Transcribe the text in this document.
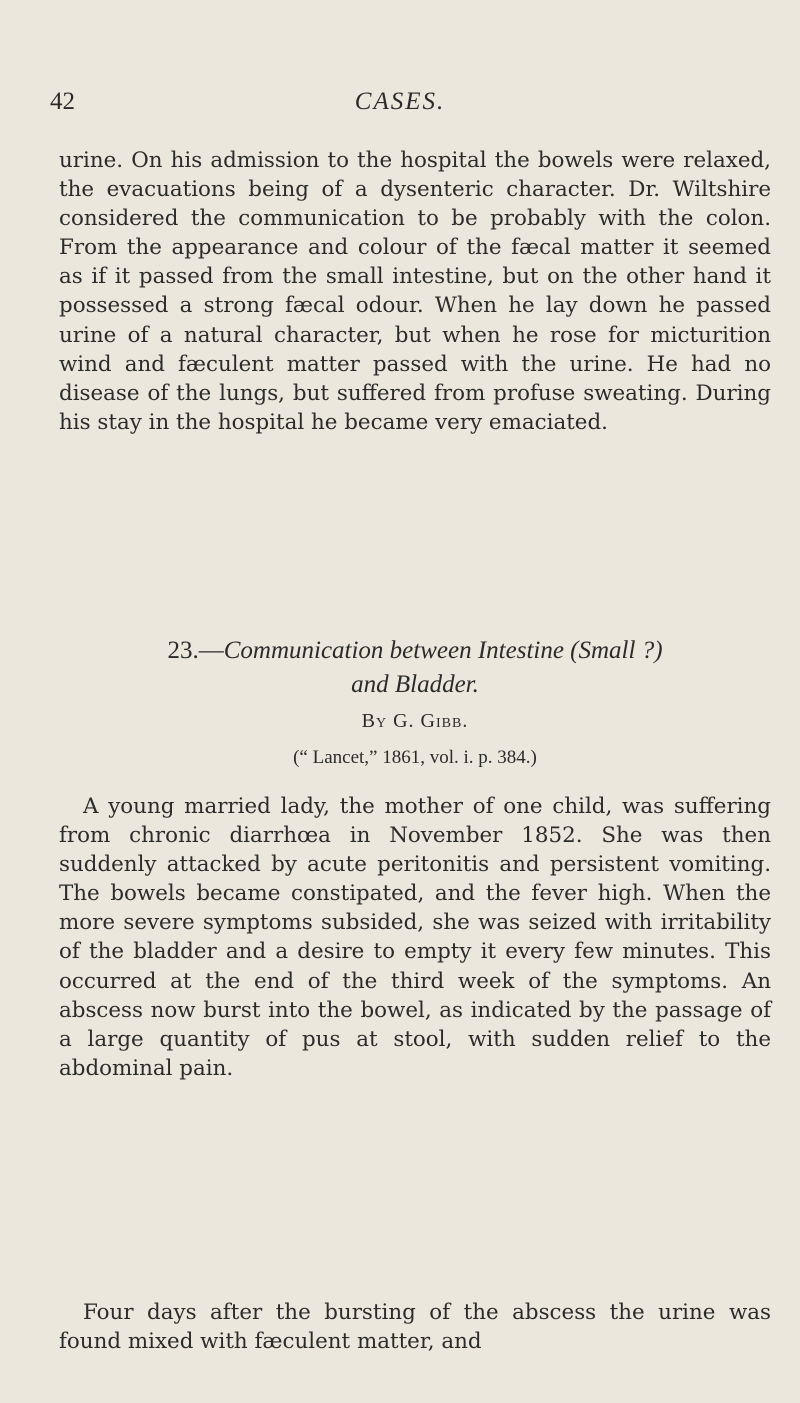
42	CASES.
urine. On his admission to the hospital the bowels were relaxed, the evacuations being of a dysenteric character. Dr. Wiltshire considered the communication to be probably with the colon. From the appearance and colour of the fæcal matter it seemed as if it passed from the small intestine, but on the other hand it possessed a strong fæcal odour. When he lay down he passed urine of a natural character, but when he rose for micturition wind and fæculent matter passed with the urine. He had no disease of the lungs, but suffered from profuse sweating. During his stay in the hospital he became very emaciated.
23.—Communication between Intestine (Small ?)
and Bladder.
By G. Gibb.
(“ Lancet,” 1861, vol. i. p. 384.)

A young married lady, the mother of one child, was suffering from chronic diarrhœa in November 1852. She was then suddenly attacked by acute peritonitis and persistent vomiting. The bowels became constipated, and the fever high. When the more severe symptoms subsided, she was seized with irritability of the bladder and a desire to empty it every few minutes. This occurred at the end of the third week of the symptoms. An abscess now burst into the bowel, as indicated by the passage of a large quantity of pus at stool, with sudden relief to the abdominal pain.

Four days after the bursting of the abscess the urine was found mixed with fæculent matter, and
